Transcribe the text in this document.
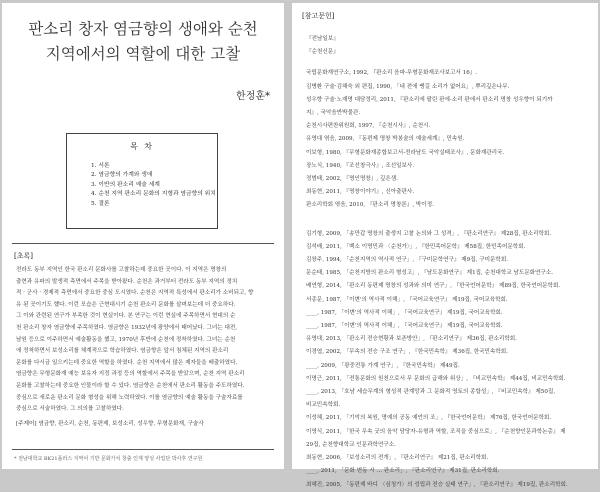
판소리 창자 염금향의 생애와 순천
지역에서의 역할에 대한 고찰
한정훈*
목 차
1. 서론
2. 염금향의 가계와 생애
3. 이반의 판소리 예술 세계
4. 순천 지역 판소리 문화의 지형과 염금향의 위치
5. 결론
[초록]
전라도 동부 지역인 한국 판소리 문화사를 고찰하는데 중요한 곳이다. 이 지역은 명창의
출현과 유파의 발생적 측면에서 주목을 받아왔다. 순천은 과거부터 전라도 동부 지역의 정치
적 · 군사 · 경제적 측면에서 중요한 중심 도시였다. 순천은 지역적 특성에서 판소리가 소비되고, 향
유 된 곳이기도 했다. 이런 모습은 근현대시기 순천 판소리 문화를 살펴보는데 더 중요하다.
그 이와 관련된 연구가 부족한 것이 현실이다. 본 연구는 이런 현실에 주목하면서 현대의 순
천 판소리 창자 염금향에 주목하였다. 염금향은 1932년에 광양에서 태어났다. 그녀는 대전,
남원 등으로 이주하면서 예술활동을 했고, 1970년 후반에 순천에 정착하였다. 그녀는 순천
에 정착하면서 보성소리를 체계적으로 학습하였다. 염금향은 앞서 침체된 지역의 판소리
문화를 다시금 일으키는데 중요한 역할을 하였다. 순천 지역에서 많은 제자들을 배출하였다.
염금향은 무형문화재 예능 보유자 지정 과정 등의 역할에서 주목을 받았으며, 순천 지역 판소리
문화를 고찰하는데 중요한 인물이라 할 수 있다. 염금향은 순천에서 판소리 활동을 주도하였다.
중심으로 새로운 판소리 문화 형성을 위해 노력하였다. 이를 염금향의 예술 활동을 구술자료를
중심으로 서술하였다. 그 의의를 고찰하였다.
[주제어] 염금향, 판소리, 순천, 동편제, 보성소리, 성우향, 무형문화재, 구술사
* 전남대학교 BK21플러스 지역어 기반 문화가치 창출 인재 양성 사업단 박사후 연구원
[참고문헌]
『전남일보』
『순천신문』
국립문화재연구소, 1992, 『판소리 음파-무형문화재조사보고서 16』.
김병환 구술·김해숙 외 편집, 1990, 「네 전에 땡길 소리가 없어요」, 뿌리깊은나무.
성우향 구술·노재명 대담정리, 2011, 『판소리에 팔린 판에-소리 판에서 판소리 명창 성우향이 되기까
지』, 국악음반박물관.
순천시사편찬위원회, 1997, 『순천시사』, 순천시.
유영대 엮음, 2009, 『동편제 명창 박봉술의 예술세계』, 민속원.
이보형, 1980, 『무형문화재종합보고서-전라남도 국악실태조사』, 문화재관리국.
장노식, 1940, 『조선창극사』, 조선일보사.
정범태, 2002, 『명인명창』, 깊은샘.
최동현, 2011, 『명창이야기』, 신아출판사.
판소리학회 엮음, 2010, 『판소리 명창론』, 박이정.
김기형, 2009, 「송만갑 명창의 출생지 고찰 논의와 그 성격」, 『판소리연구』 제28집, 판소리학회.
김석배, 2011, 「백소 이명민과 〈순천가〉」, 『한민족어문학』 제58집, 한민족어문학회.
김창주, 1994, 「순천지역의 역사적 연구」, 『구미문학연구』 제9집, 구미문학회.
문순태, 1985, 「순천지방의 판소리 형성고」, 『남도문화연구』 제1집, 순천대학교 남도문화연구소.
배연형, 2014, 「판소리 동편제 명창의 성과와 의미 연구」, 『한국언어문학』 제89집, 한국언어문학회.
서종문, 1987, 「이변'의 역사적 이해」, 『국어교육연구』 제19집, 국어교육학회.
____, 1987, 「이변'의 역사적 이해」, 『국어교육연구』 제19집, 국어교육학회.
____, 1987, 「이변'의 역사적 이해」, 『국어교육연구』 제19집, 국어교육학회.
유영대, 2013, 「판소리 전승현황과 보존방안」, 『판소리연구』 제36집, 판소리학회.
이경엽, 2002, 「무속의 전승 구조 연구」, 『한국민속학』 제36집, 한국민속학회.
____, 2009, 「광중전통 가계 연구」, 『한국민속학』 제49집.
이명근, 2011, 「전통문화의 원천으로서 무 문화의 급해와 위상」, 『비교민속학』 제44집, 비교민속학회.
____, 2013, 「호남 세습무계의 형성적 관계망과 그 문화적 영토의 종합성」, 『비교민속학』 제50집,
비교민속학회.
이성혜, 2011, 「기억의 복원, 명예의 공동 예언의 조」, 『한국언어문학』 제76집, 한국언어문학회.
이영식, 2011, 「한국 무속 굿의 음악 담당자-유형과 역할, 조직을 중심으로」, 『순천향인문과학논총』 제
29집, 순천향대학교 인문과학연구소.
최동현, 2006, 「보성소리의 전개」, 『판소리연구』 제21집, 판소리학회.
____, 2011, 「문화 변동 시 … 판소리」, 『판소리연구』 제31집, 판소리학회.
최혜진, 2005, 「동편제 바디 〈심청가〉의 성립과 전승 실태 연구」, 『판소리연구』 제19집, 판소리학회.
